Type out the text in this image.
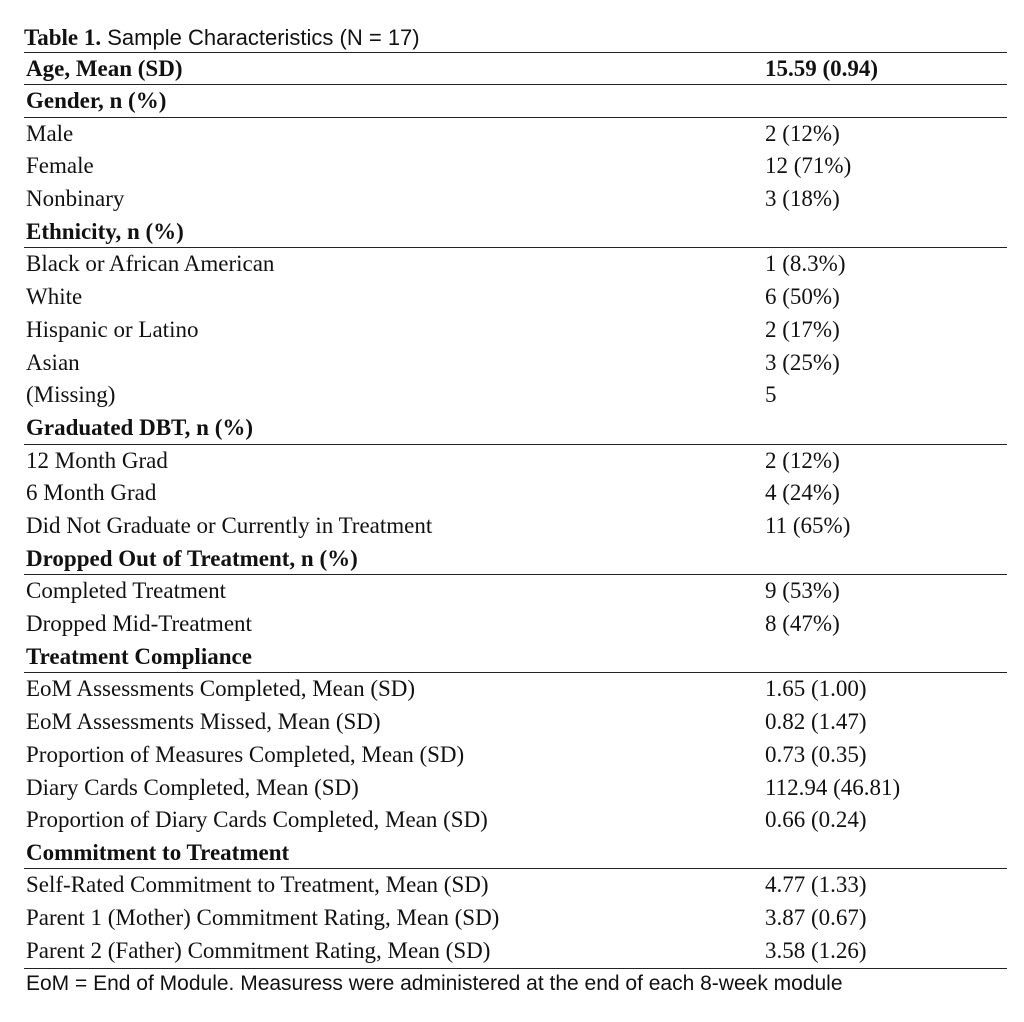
Table 1. Sample Characteristics (N = 17)
Age, Mean (SD)	15.59 (0.94)
Gender, n (%)
Male	2 (12%)
Female	12 (71%)
Nonbinary	3 (18%)
Ethnicity, n (%)
Black or African American	1 (8.3%)
White	6 (50%)
Hispanic or Latino	2 (17%)
Asian	3 (25%)
(Missing)	5
Graduated DBT, n (%)
12 Month Grad	2 (12%)
6 Month Grad	4 (24%)
Did Not Graduate or Currently in Treatment	11 (65%)
Dropped Out of Treatment, n (%)
Completed Treatment	9 (53%)
Dropped Mid-Treatment	8 (47%)
Treatment Compliance
EoM Assessments Completed, Mean (SD)	1.65 (1.00)
EoM Assessments Missed, Mean (SD)	0.82 (1.47)
Proportion of Measures Completed, Mean (SD)	0.73 (0.35)
Diary Cards Completed, Mean (SD)	112.94 (46.81)
Proportion of Diary Cards Completed, Mean (SD)	0.66 (0.24)
Commitment to Treatment
Self-Rated Commitment to Treatment, Mean (SD)	4.77 (1.33)
Parent 1 (Mother) Commitment Rating, Mean (SD)	3.87 (0.67)
Parent 2 (Father) Commitment Rating, Mean (SD)	3.58 (1.26)
EoM = End of Module. Measuress were administered at the end of each 8-week module
